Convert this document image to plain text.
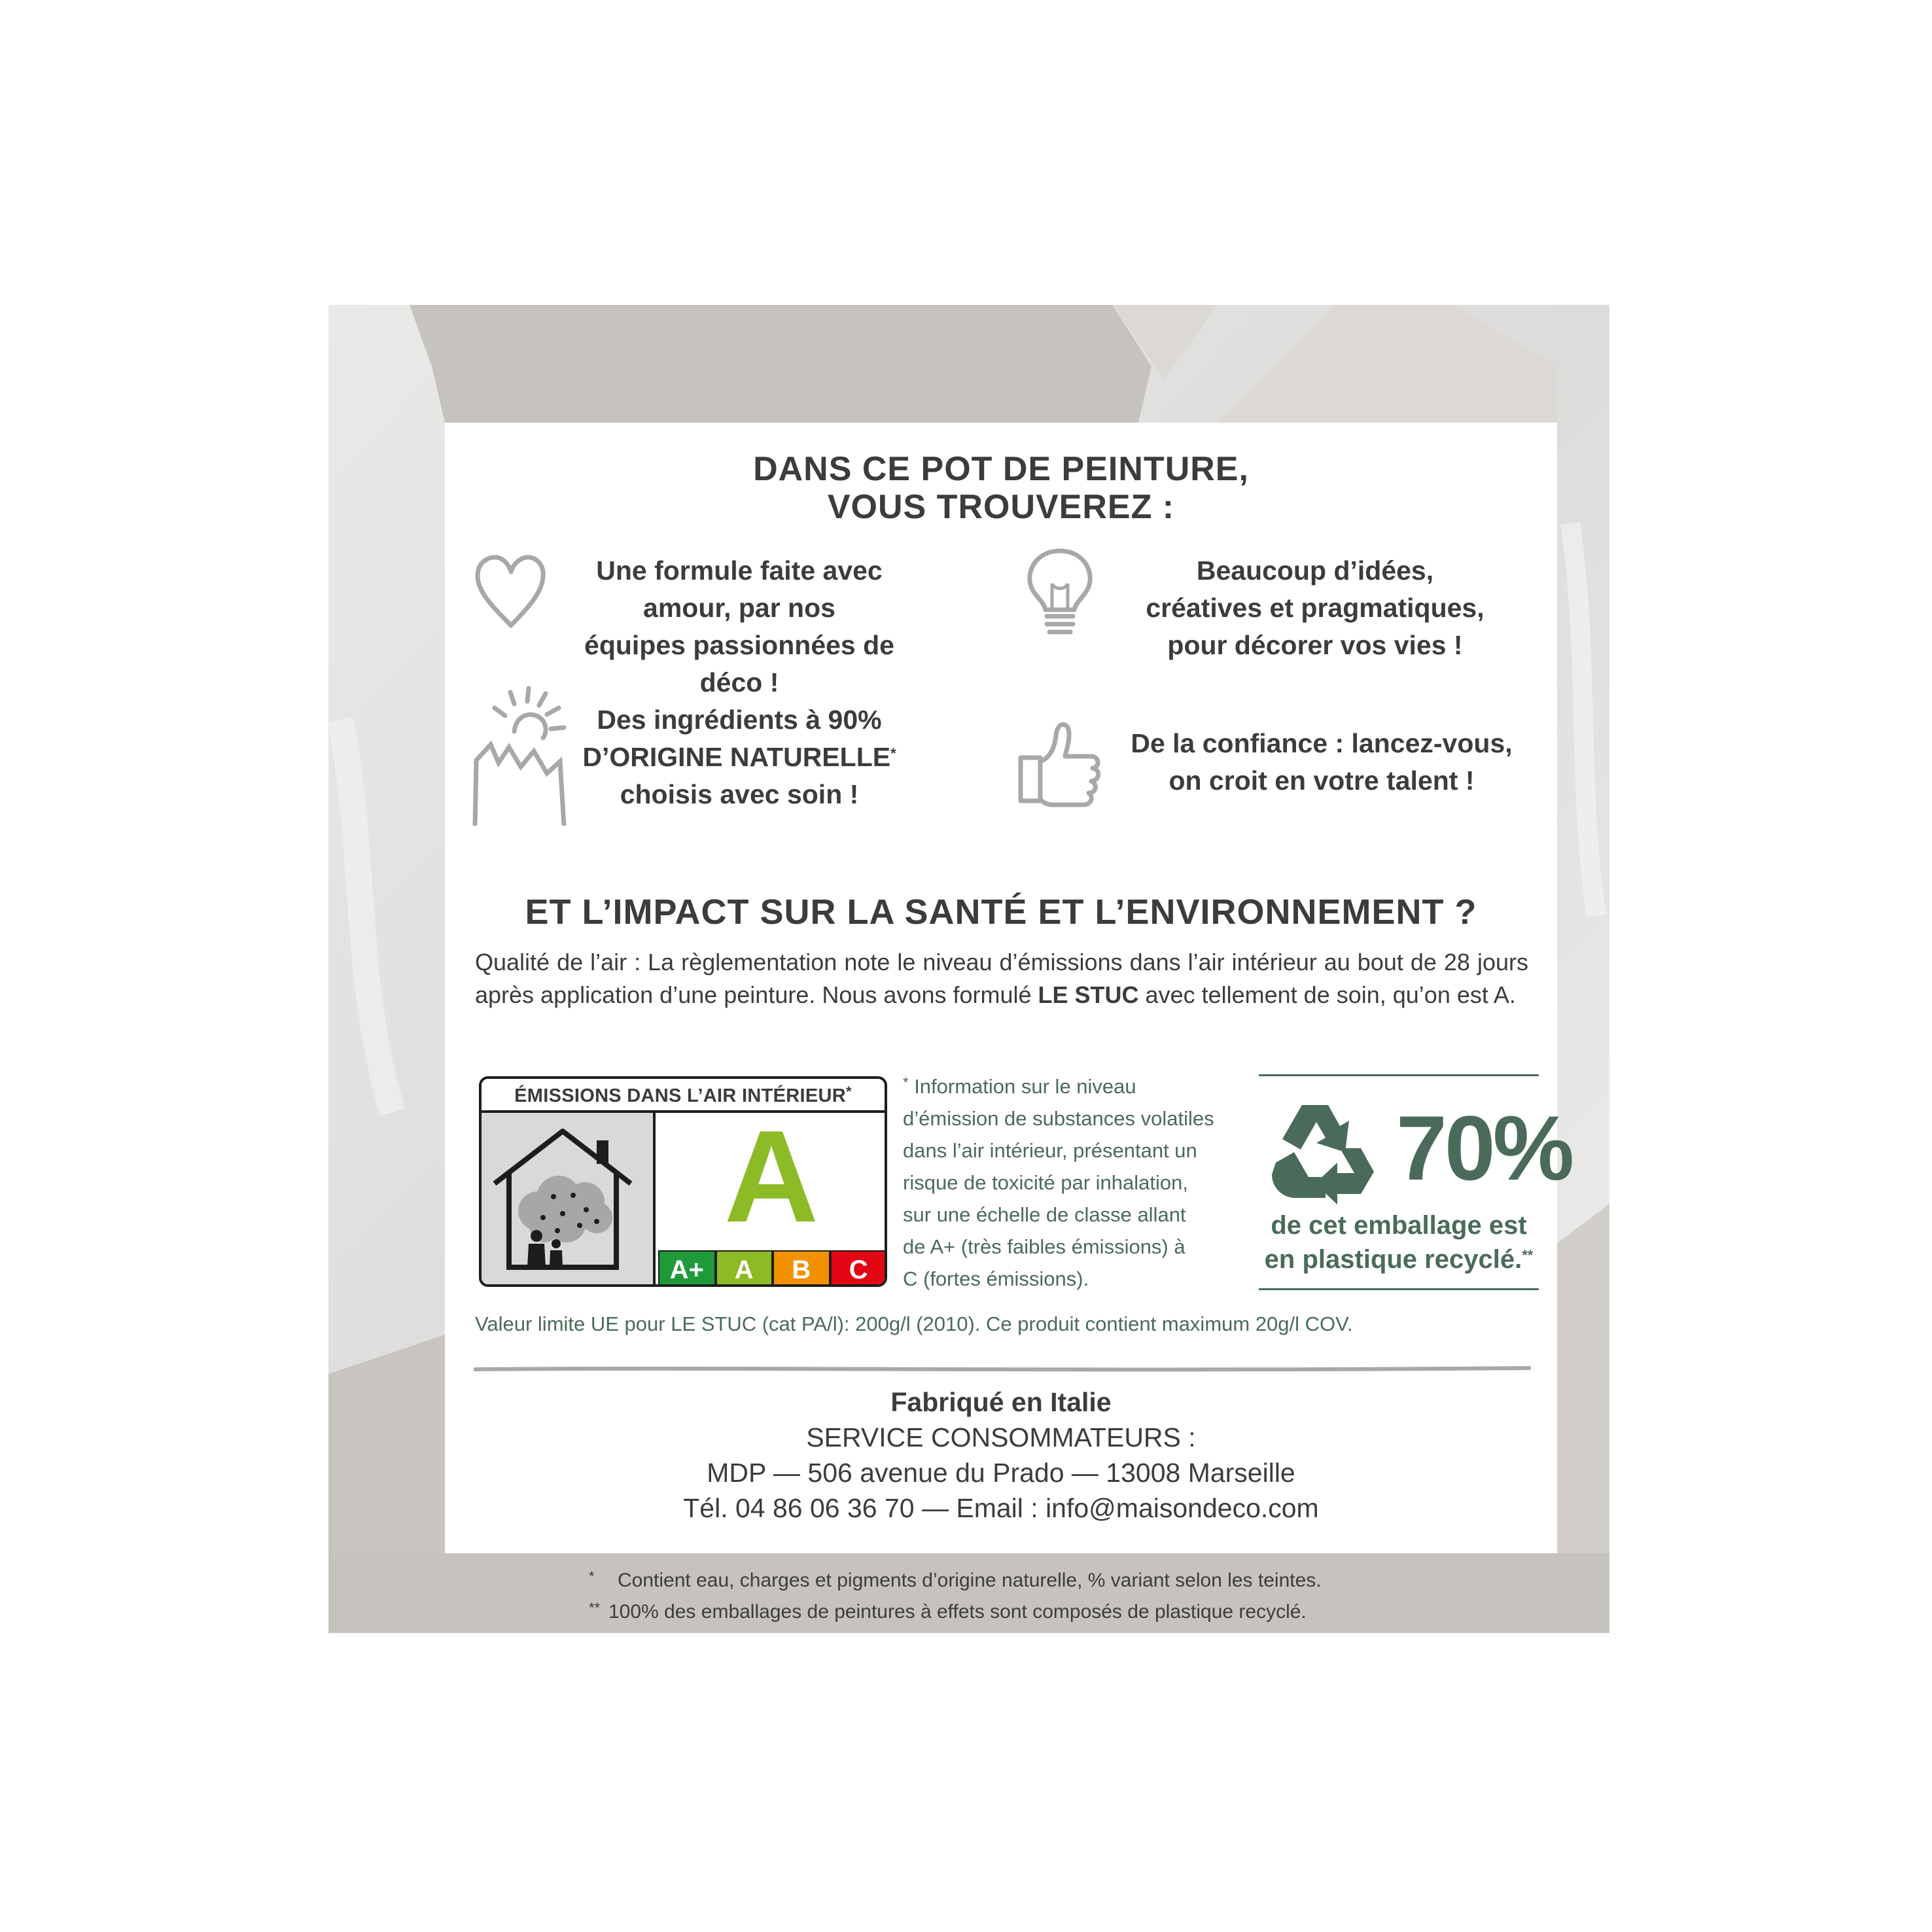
DANS CE POT DE PEINTURE,
VOUS TROUVEREZ :
Une formule faite avec
amour, par nos
équipes passionnées de déco !
Beaucoup d’idées,
créatives et pragmatiques,
pour décorer vos vies !
Des ingrédients à 90%
D’ORIGINE NATURELLE*
choisis avec soin !
De la confiance : lancez-vous,
on croit en votre talent !
ET L’IMPACT SUR LA SANTÉ ET L’ENVIRONNEMENT ?
Qualité de l’air : La règlementation note le niveau d’émissions dans l’air intérieur au bout de 28 jours après application d’une peinture. Nous avons formulé LE STUC avec tellement de soin, qu’on est A.
ÉMISSIONS DANS L’AIR INTÉRIEUR*
A
A+	A	B	C
* Information sur le niveau
d’émission de substances volatiles
dans l’air intérieur, présentant un
risque de toxicité par inhalation,
sur une échelle de classe allant
de A+ (très faibles émissions) à
C (fortes émissions).
70%
de cet emballage est
en plastique recyclé.**
Valeur limite UE pour LE STUC (cat PA/l): 200g/l (2010). Ce produit contient maximum 20g/l COV.
Fabriqué en Italie
SERVICE CONSOMMATEURS :
MDP — 506 avenue du Prado — 13008 Marseille
Tél. 04 86 06 36 70 — Email : info@maisondeco.com
* Contient eau, charges et pigments d’origine naturelle, % variant selon les teintes.
** 100% des emballages de peintures à effets sont composés de plastique recyclé.
